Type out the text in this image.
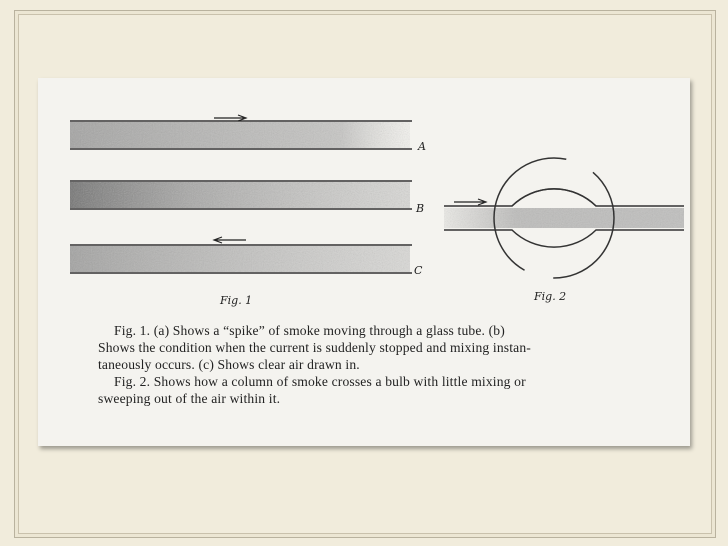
A
B
C
Fig. 1	Fig. 2

Fig. 1. (a) Shows a “spike” of smoke moving through a glass tube. (b)

Shows the condition when the current is suddenly stopped and mixing instan-

taneously occurs. (c) Shows clear air drawn in.

Fig. 2. Shows how a column of smoke crosses a bulb with little mixing or

sweeping out of the air within it.
